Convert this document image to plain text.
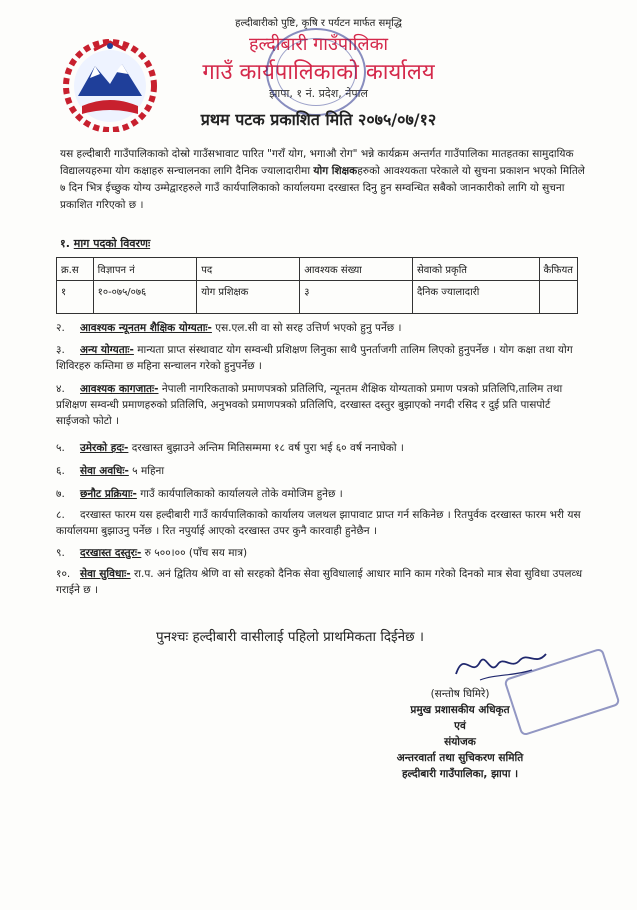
हल्दीबारीको पुष्टि, कृषि र पर्यटन मार्फत समृद्धि
हल्दीबारी गाउँपालिका
गाउँ कार्यपालिकाको कार्यालय
झापा, १ नं. प्रदेश, नेपाल
प्रथम पटक प्रकाशित मिति २०७५/०७/१२
यस हल्दीबारी गाउँपालिकाको दोस्रो गाउँसभावाट पारित "गराँ योग, भगाऔ रोग" भन्ने कार्यक्रम अन्तर्गत गाउँपालिका मातहतका सामुदायिक विद्यालयहरुमा योग कक्षाहरु सन्चालनका लागि दैनिक ज्यालादारीमा योग शिक्षकहरुको आवश्यकता परेकाले यो सुचना प्रकाशन भएको मितिले ७ दिन भित्र ईच्छुक योग्य उम्मेद्वारहरुले गाउँ कार्यपालिकाको कार्यालयमा दरखास्त दिनु हुन सम्वन्धित सबैको जानकारीको लागि यो सुचना प्रकाशित गरिएको छ ।
१. माग पदको विवरणः
क्र.स	विज्ञापन नं	पद	आवश्यक संख्या	सेवाको प्रकृति	कैफियत
१	१०-०७५/०७६	योग प्रशिक्षक	३	दैनिक ज्यालादारी	
२. आवश्यक न्यूनतम शैक्षिक योग्यताः- एस.एल.सी वा सो सरह उत्तिर्ण भएको हुनु पर्नेछ ।
३. अन्य योग्यताः- मान्यता प्राप्त संस्थावाट योग सम्वन्धी प्रशिक्षण लिनुका साथै पुनर्ताजगी तालिम लिएको हुनुपर्नेछ । योग कक्षा तथा योग शिविरहरु कम्तिमा छ महिना सन्चालन गरेको हुनुपर्नेछ ।
४. आवश्यक कागजातः- नेपाली नागरिकताको प्रमाणपत्रको प्रतिलिपि, न्यूनतम शैक्षिक योग्यताको प्रमाण पत्रको प्रतिलिपि,तालिम तथा प्रशिक्षण सम्वन्धी प्रमाणहरुको प्रतिलिपि, अनुभवको प्रमाणपत्रको प्रतिलिपि, दरखास्त दस्तुर बुझाएको नगदी रसिद र दुई प्रति पासपोर्ट साईजको फोटो ।
५. उमेरको हदः- दरखास्त बुझाउने अन्तिम मितिसम्ममा १८ वर्ष पुरा भई ६० वर्ष ननाघेको ।
६. सेवा अवधिः- ५ महिना
७. छनौट प्रक्रियाः- गाउँ कार्यपालिकाको कार्यालयले तोके वमोजिम हुनेछ ।
८. दरखास्त फारम यस हल्दीबारी गाउँ कार्यपालिकाको कार्यालय जलथल झापावाट प्राप्त गर्न सकिनेछ । रितपुर्वक दरखास्त फारम भरी यस कार्यालयमा बुझाउनु पर्नेछ । रित नपुर्याई आएको दरखास्त उपर कुनै कारवाही हुनेछैन ।
९. दरखास्त दस्तुरः- रु ५००।०० (पाँच सय मात्र)
१०. सेवा सुविधाः- रा.प. अनं द्वितिय श्रेणि वा सो सरहको दैनिक सेवा सुविधालाई आधार मानि काम गरेको दिनको मात्र सेवा सुविधा उपलव्ध गराईने छ ।
पुनश्चः हल्दीबारी वासीलाई पहिलो प्राथमिकता दिईनेछ ।
(सन्तोष घिमिरे)
प्रमुख प्रशासकीय अधिकृत
एवं
संयोजक
अन्तरवार्ता तथा सुचिकरण समिति
हल्दीबारी गाउँपालिका, झापा ।
